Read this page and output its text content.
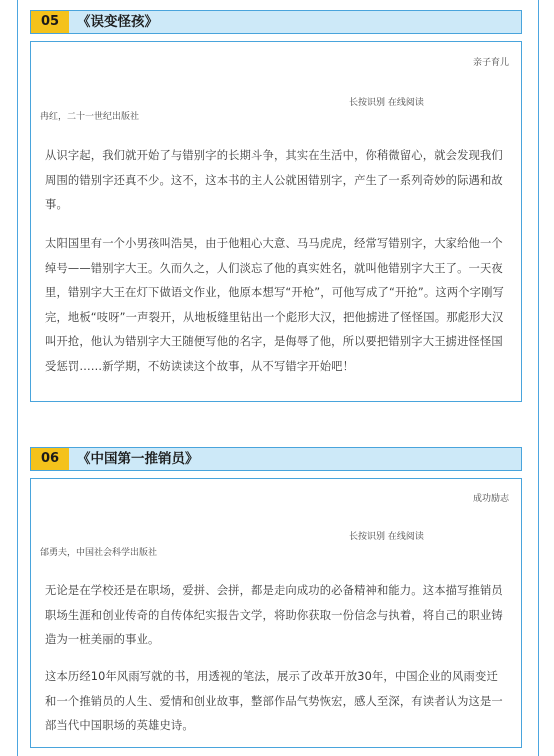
05	《误变怪孩》
亲子育儿
长按识别 在线阅读
冉红，二十一世纪出版社

从识字起，我们就开始了与错别字的长期斗争，其实在生活中，你稍微留心，就会发现我们周围的错别字还真不少。这不，这本书的主人公就困错别字，产生了一系列奇妙的际遇和故事。

太阳国里有一个小男孩叫浩昊，由于他粗心大意、马马虎虎，经常写错别字，大家给他一个绰号——错别字大王。久而久之，人们淡忘了他的真实姓名，就叫他错别字大王了。一天夜里，错别字大王在灯下做语文作业，他原本想写“开枪”，可他写成了“开抢”。这两个字刚写完，地板“吱呀”一声裂开，从地板缝里钻出一个彪形大汉，把他掳进了怪怪国。那彪形大汉叫开抢，他认为错别字大王随便写他的名字，是侮辱了他，所以要把错别字大王掳进怪怪国受惩罚……新学期，不妨读读这个故事，从不写错字开始吧！

06	《中国第一推销员》
成功励志
长按识别 在线阅读
邰勇夫，中国社会科学出版社

无论是在学校还是在职场，爱拼、会拼，都是走向成功的必备精神和能力。这本描写推销员职场生涯和创业传奇的自传体纪实报告文学，将助你获取一份信念与执着，将自己的职业铸造为一桩美丽的事业。

这本历经10年风雨写就的书，用透视的笔法，展示了改革开放30年，中国企业的风雨变迁和一个推销员的人生、爱情和创业故事，整部作品气势恢宏，感人至深，有读者认为这是一部当代中国职场的英雄史诗。
